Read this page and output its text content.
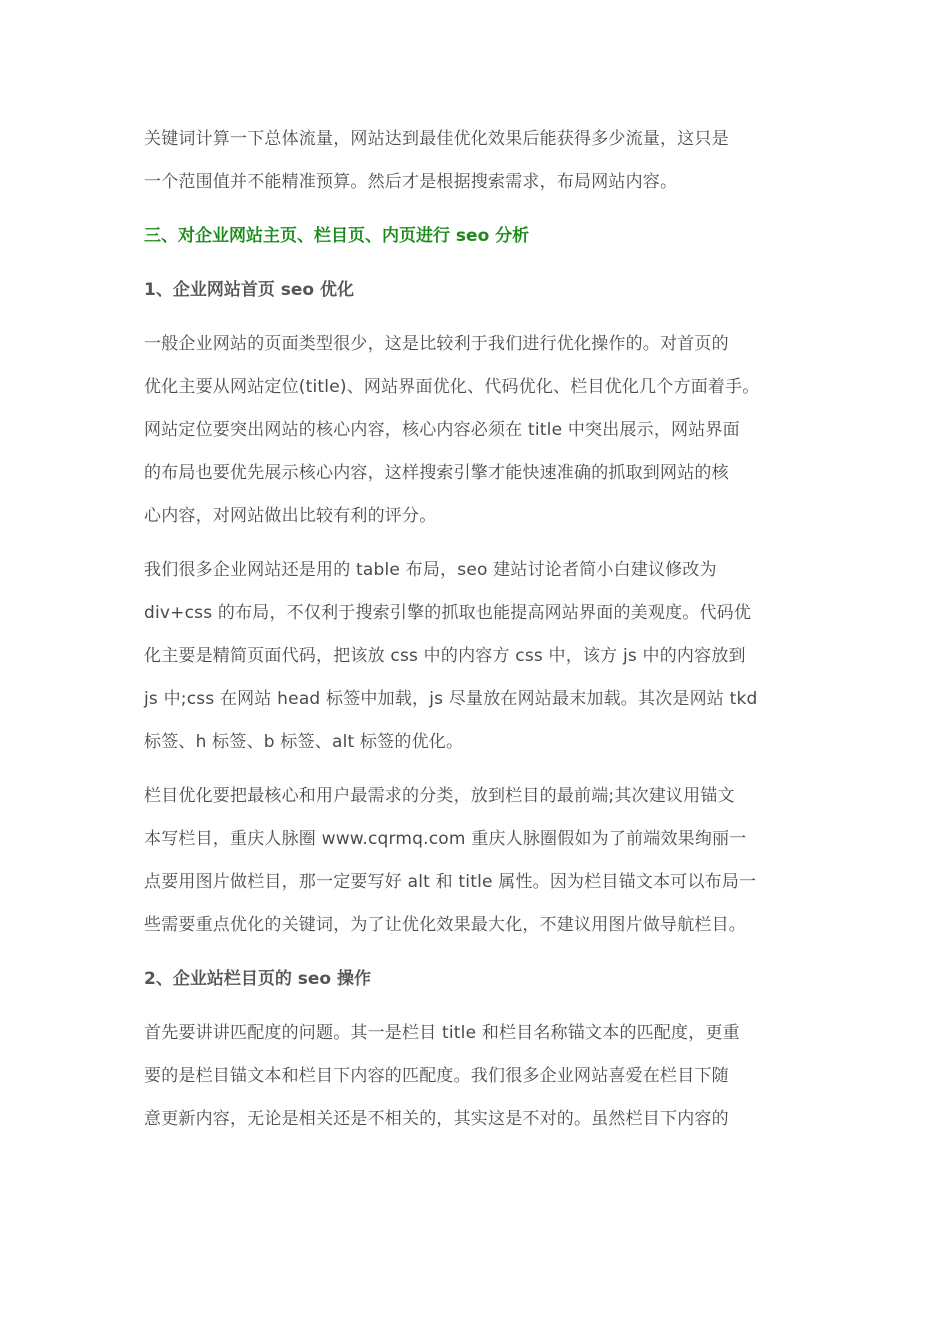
关键词计算一下总体流量，网站达到最佳优化效果后能获得多少流量，这只是
一个范围值并不能精准预算。然后才是根据搜索需求，布局网站内容。
三、对企业网站主页、栏目页、内页进行 seo 分析
1、企业网站首页 seo 优化
一般企业网站的页面类型很少，这是比较利于我们进行优化操作的。对首页的
优化主要从网站定位(title)、网站界面优化、代码优化、栏目优化几个方面着手。
网站定位要突出网站的核心内容，核心内容必须在 title 中突出展示，网站界面
的布局也要优先展示核心内容，这样搜索引擎才能快速准确的抓取到网站的核
心内容，对网站做出比较有利的评分。
我们很多企业网站还是用的 table 布局，seo 建站讨论者简小白建议修改为
div+css 的布局，不仅利于搜索引擎的抓取也能提高网站界面的美观度。代码优
化主要是精简页面代码，把该放 css 中的内容方 css 中，该方 js 中的内容放到
js 中;css 在网站 head 标签中加载，js 尽量放在网站最末加载。其次是网站 tkd
标签、h 标签、b 标签、alt 标签的优化。
栏目优化要把最核心和用户最需求的分类，放到栏目的最前端;其次建议用锚文
本写栏目，重庆人脉圈 www.cqrmq.com 重庆人脉圈假如为了前端效果绚丽一
点要用图片做栏目，那一定要写好 alt 和 title 属性。因为栏目锚文本可以布局一
些需要重点优化的关键词，为了让优化效果最大化，不建议用图片做导航栏目。
2、企业站栏目页的 seo 操作
首先要讲讲匹配度的问题。其一是栏目 title 和栏目名称锚文本的匹配度，更重
要的是栏目锚文本和栏目下内容的匹配度。我们很多企业网站喜爱在栏目下随
意更新内容，无论是相关还是不相关的，其实这是不对的。虽然栏目下内容的
